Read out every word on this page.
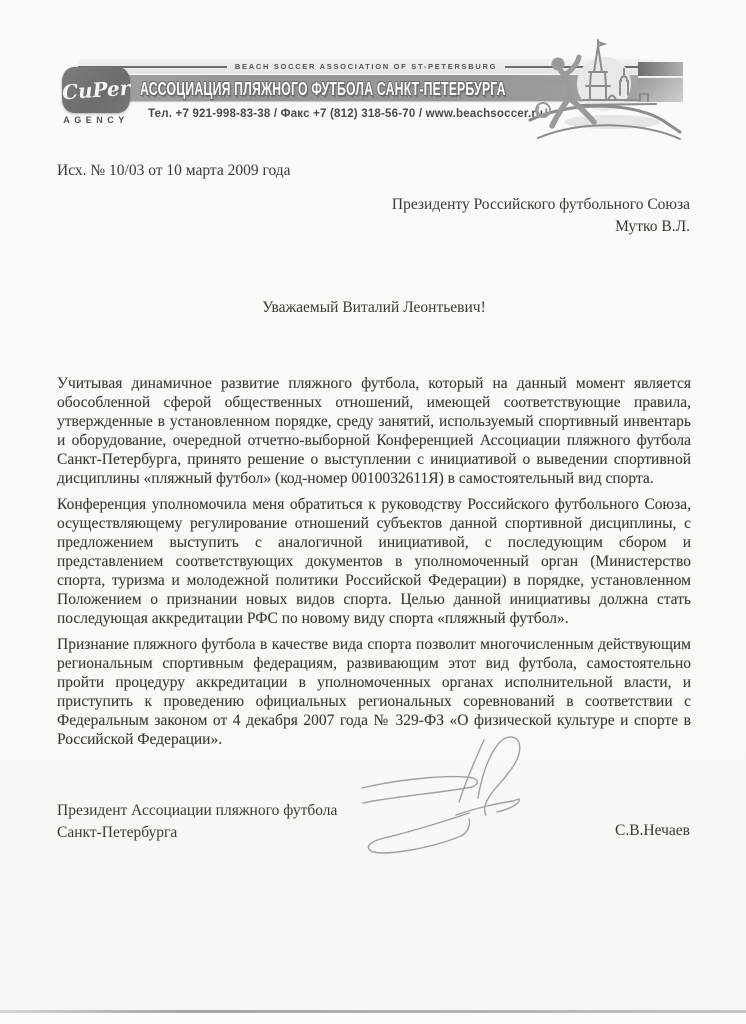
BEACH SOCCER ASSOCIATION OF ST-PETERSBURG
АССОЦИАЦИЯ ПЛЯЖНОГО ФУТБОЛА САНКТ-ПЕТЕРБУРГА
CuPer
AGENCY	Тел. +7 921-998-83-38 / Факс +7 (812) 318-56-70 / www.beachsoccer.ru
Исх. № 10/03 от 10 марта 2009 года
Президенту Российского футбольного Союза
Мутко В.Л.
Уважаемый Виталий Леонтьевич!

Учитывая динамичное развитие пляжного футбола, который на данный момент является обособленной сферой общественных отношений, имеющей соответствующие правила, утвержденные в установленном порядке, среду занятий, используемый спортивный инвентарь и оборудование, очередной отчетно-выборной Конференцией Ассоциации пляжного футбола Санкт-Петербурга, принято решение о выступлении с инициативой о выведении спортивной дисциплины «пляжный футбол» (код-номер 0010032611Я) в самостоятельный вид спорта.

Конференция уполномочила меня обратиться к руководству Российского футбольного Союза, осуществляющему регулирование отношений субъектов данной спортивной дисциплины, с предложением выступить с аналогичной инициативой, с последующим сбором и представлением соответствующих документов в уполномоченный орган (Министерство спорта, туризма и молодежной политики Российской Федерации) в порядке, установленном Положением о признании новых видов спорта. Целью данной инициативы должна стать последующая аккредитации РФС по новому виду спорта «пляжный футбол».

Признание пляжного футбола в качестве вида спорта позволит многочисленным действующим региональным спортивным федерациям, развивающим этот вид футбола, самостоятельно пройти процедуру аккредитации в уполномоченных органах исполнительной власти, и приступить к проведению официальных региональных соревнований в соответствии с Федеральным законом от 4 декабря 2007 года № 329-ФЗ «О физической культуре и спорте в Российской Федерации».

Президент Ассоциации пляжного футбола
Санкт-Петербурга	С.В.Нечаев
